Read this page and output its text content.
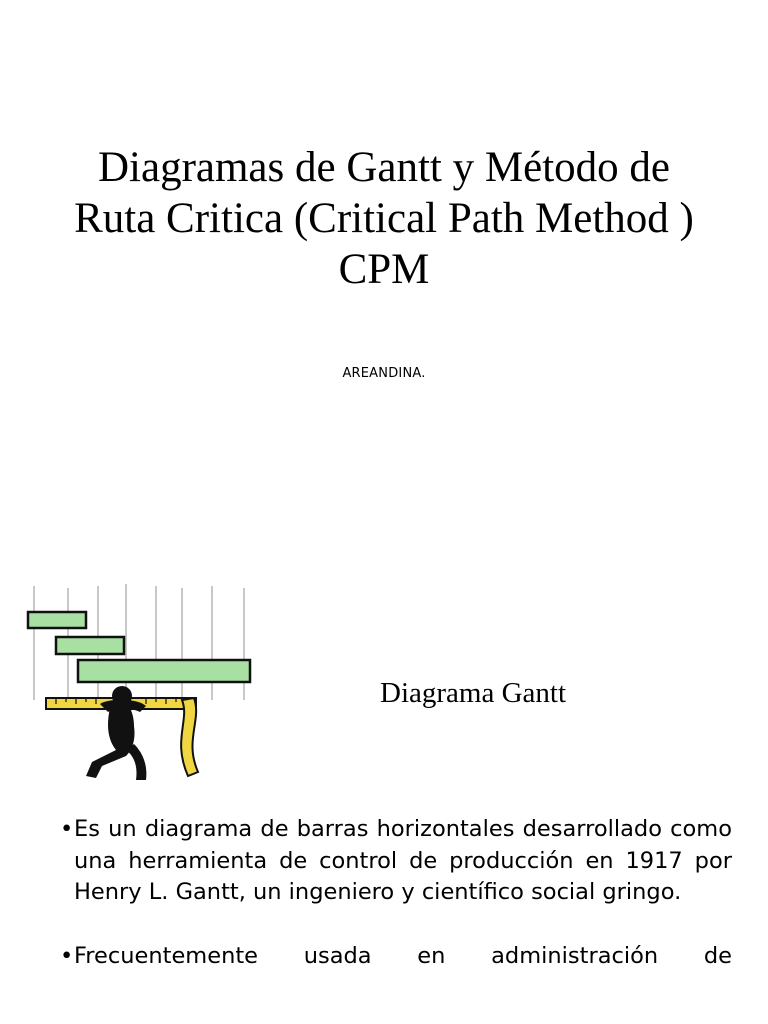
Diagramas de Gantt y Método de Ruta Critica (Critical Path Method ) CPM
AREANDINA.
Diagrama Gantt
• Es un diagrama de barras horizontales desarrollado como una herramienta de control de producción en 1917 por Henry L. Gantt, un ingeniero y científico social gringo.
• Frecuentemente usada en administración de
